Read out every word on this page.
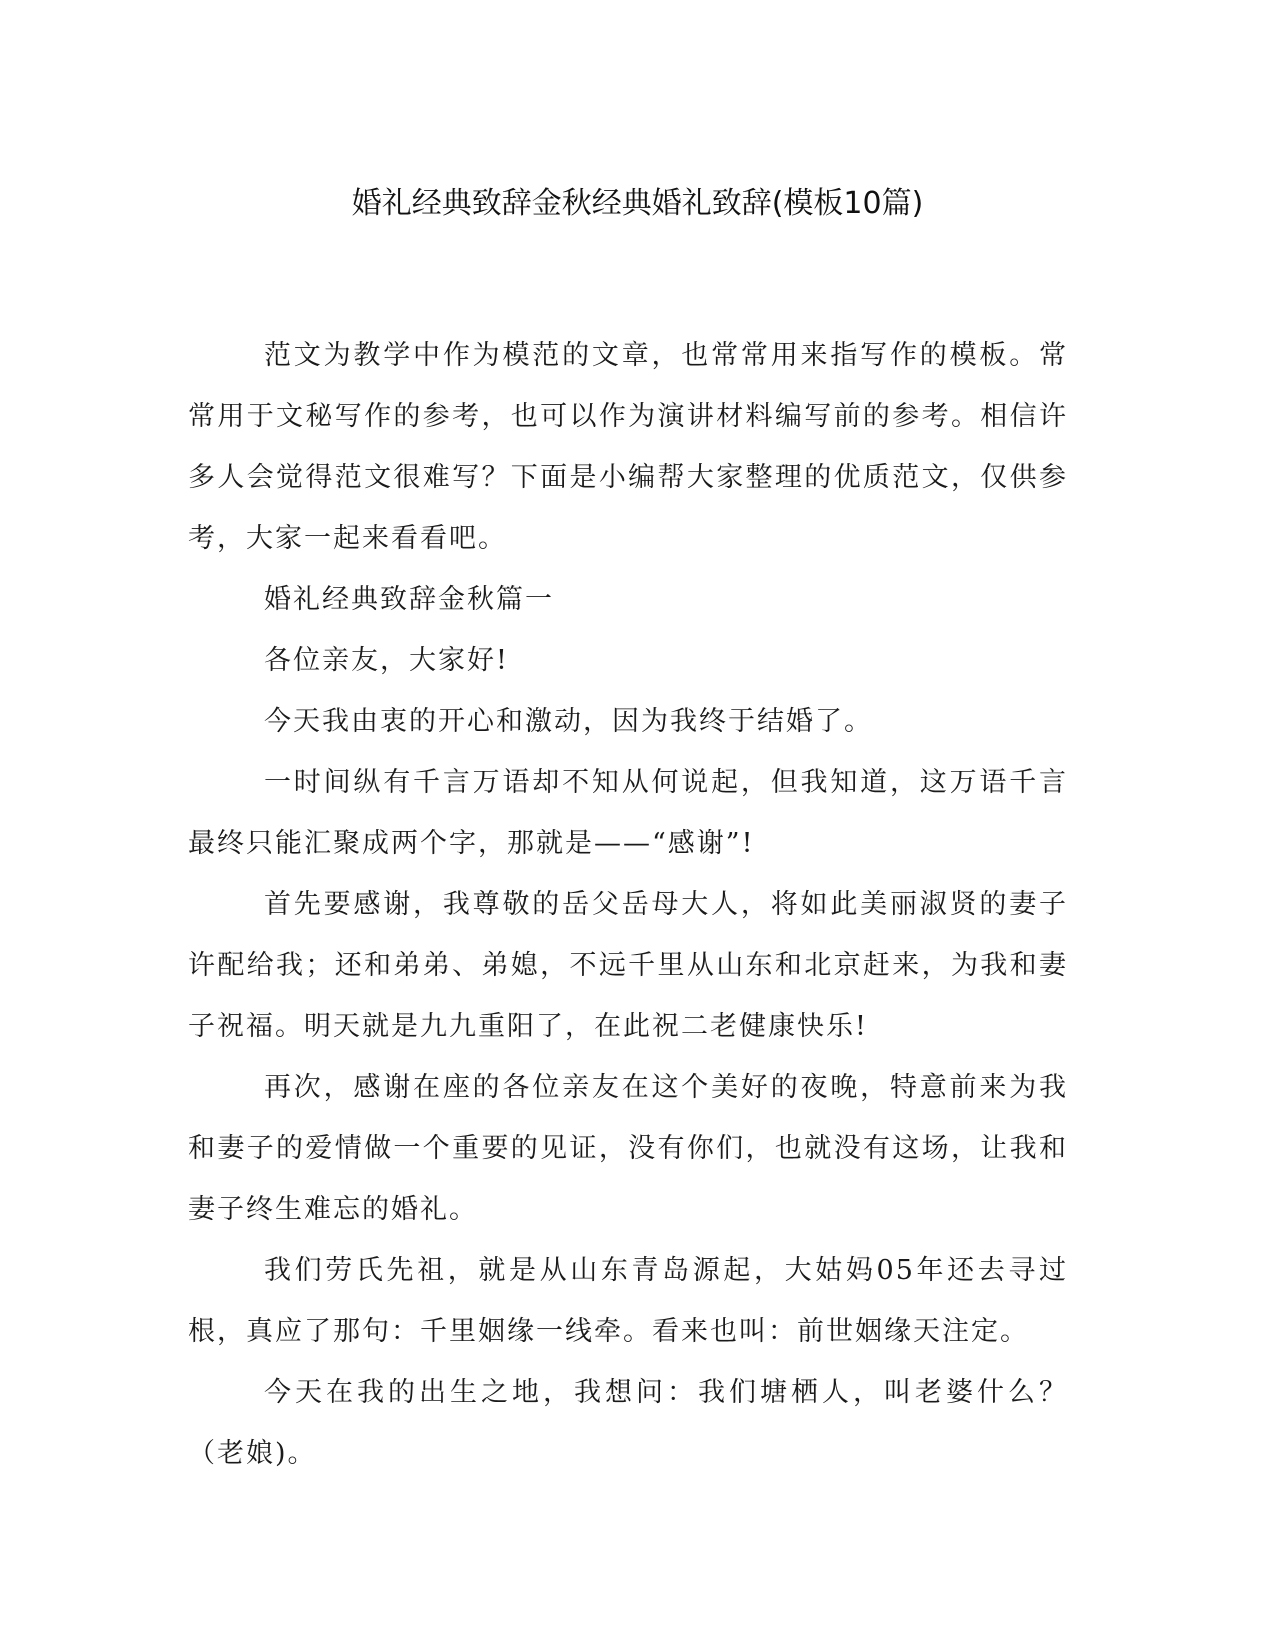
婚礼经典致辞金秋经典婚礼致辞(模板10篇)

范文为教学中作为模范的文章，也常常用来指写作的模板。常常用于文秘写作的参考，也可以作为演讲材料编写前的参考。相信许多人会觉得范文很难写？下面是小编帮大家整理的优质范文，仅供参考，大家一起来看看吧。

婚礼经典致辞金秋篇一

各位亲友，大家好!

今天我由衷的开心和激动，因为我终于结婚了。

一时间纵有千言万语却不知从何说起，但我知道，这万语千言最终只能汇聚成两个字，那就是——“感谢”!

首先要感谢，我尊敬的岳父岳母大人，将如此美丽淑贤的妻子许配给我；还和弟弟、弟媳，不远千里从山东和北京赶来，为我和妻子祝福。明天就是九九重阳了，在此祝二老健康快乐!

再次，感谢在座的各位亲友在这个美好的夜晚，特意前来为我和妻子的爱情做一个重要的见证，没有你们，也就没有这场，让我和妻子终生难忘的婚礼。

我们劳氏先祖，就是从山东青岛源起，大姑妈05年还去寻过根，真应了那句：千里姻缘一线牵。看来也叫：前世姻缘天注定。

今天在我的出生之地，我想问：我们塘栖人，叫老婆什么？（老娘)。
